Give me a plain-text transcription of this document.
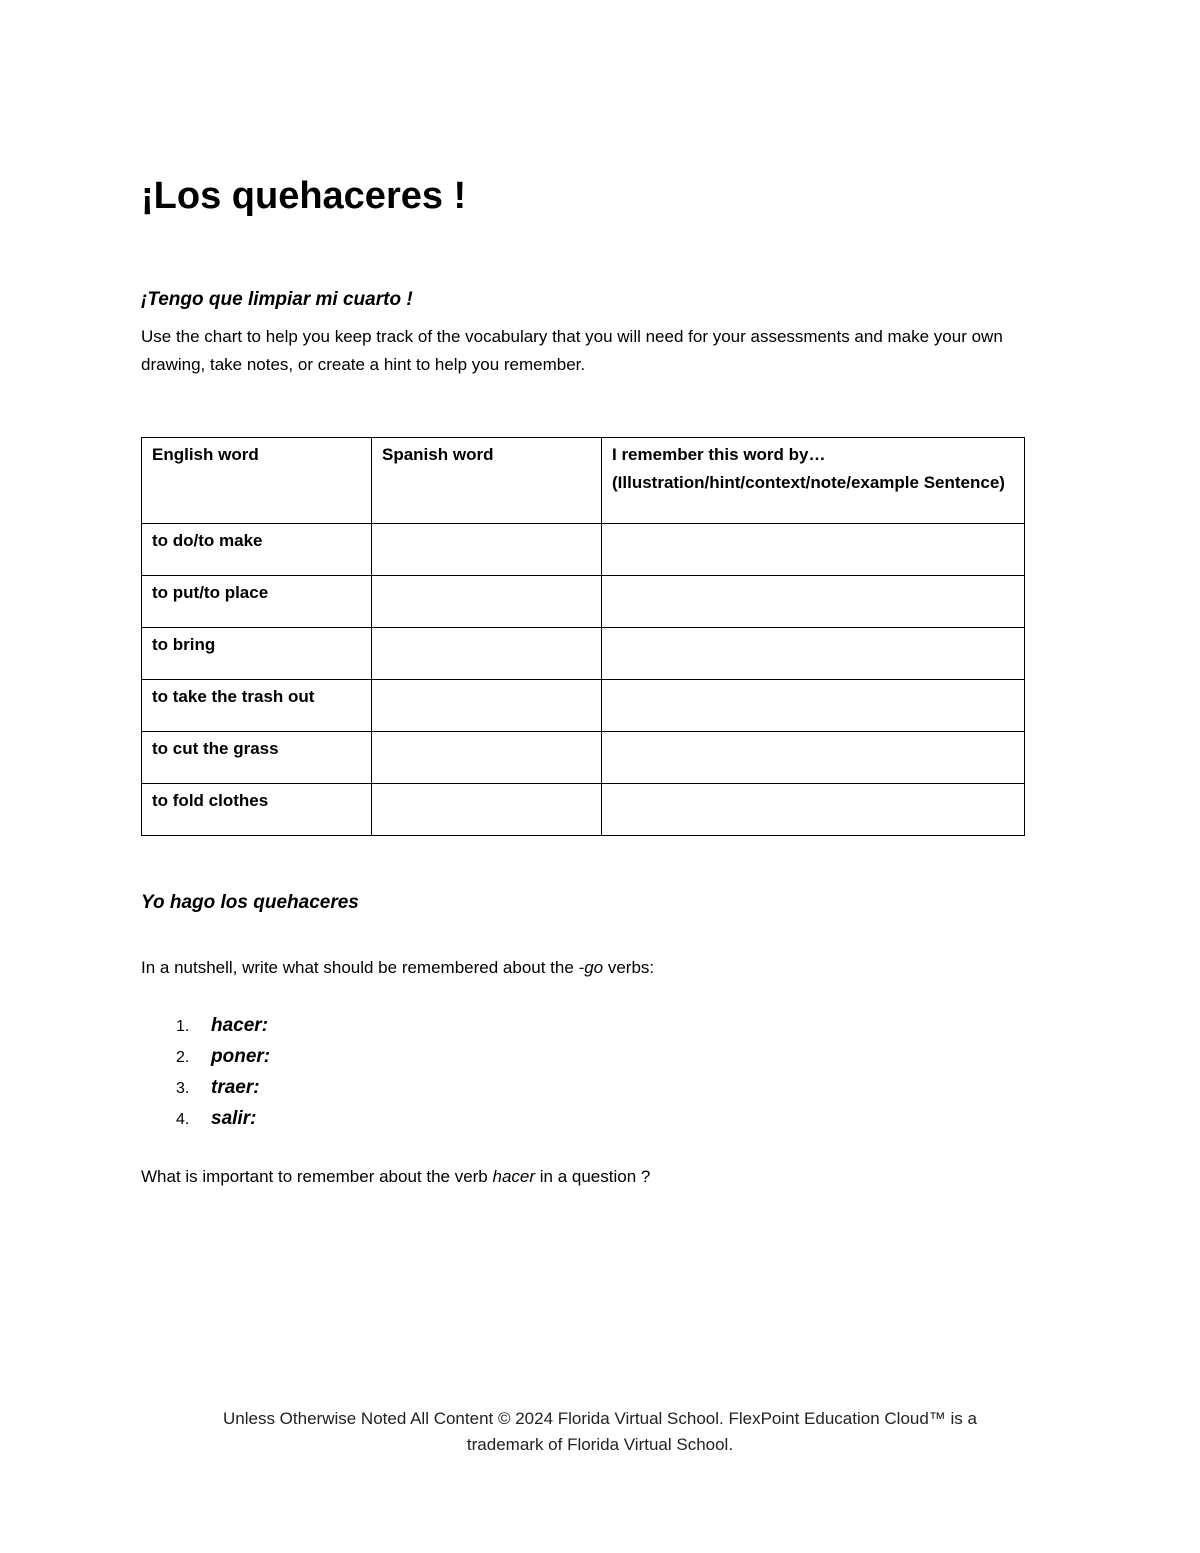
¡Los quehaceres !
¡Tengo que limpiar mi cuarto !

Use the chart to help you keep track of the vocabulary that you will need for your assessments and make your own drawing, take notes, or create a hint to help you remember.

English word	Spanish word	I remember this word by… (Illustration/hint/context/note/example Sentence)
to do/to make		
to put/to place		
to bring		
to take the trash out		
to cut the grass		
to fold clothes		
Yo hago los quehaceres

In a nutshell, write what should be remembered about the -go verbs:

1. hacer:
2. poner:
3. traer:
4. salir:

What is important to remember about the verb hacer in a question ?

Unless Otherwise Noted All Content © 2024 Florida Virtual School. FlexPoint Education Cloud™ is a
trademark of Florida Virtual School.
